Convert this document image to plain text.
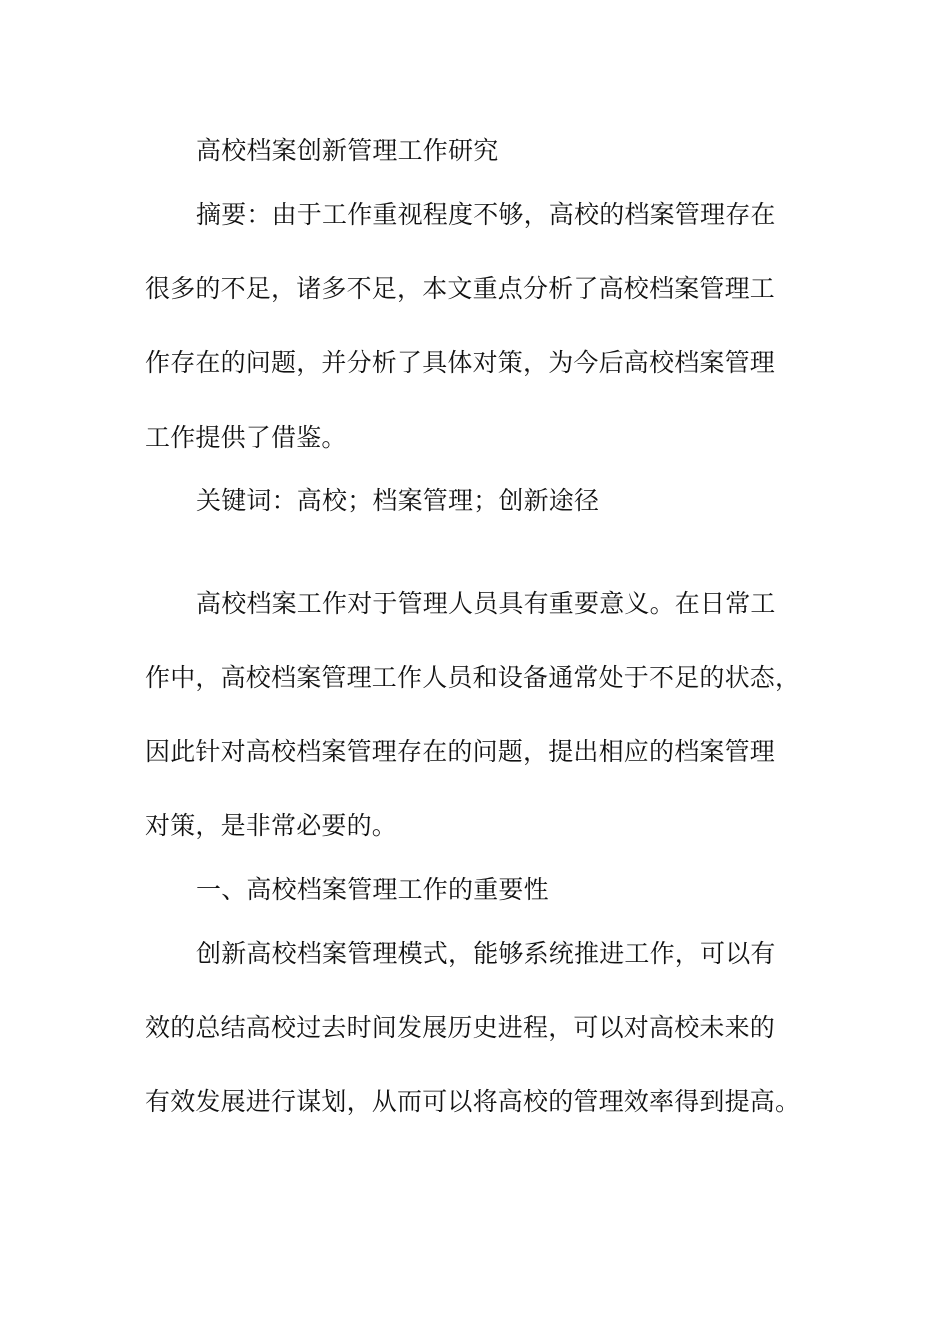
高校档案创新管理工作研究
摘要：由于工作重视程度不够，高校的档案管理存在
很多的不足，诸多不足，本文重点分析了高校档案管理工
作存在的问题，并分析了具体对策，为今后高校档案管理
工作提供了借鉴。
关键词：高校；档案管理；创新途径
高校档案工作对于管理人员具有重要意义。在日常工
作中，高校档案管理工作人员和设备通常处于不足的状态，
因此针对高校档案管理存在的问题，提出相应的档案管理
对策，是非常必要的。
一、高校档案管理工作的重要性
创新高校档案管理模式，能够系统推进工作，可以有
效的总结高校过去时间发展历史进程，可以对高校未来的
有效发展进行谋划，从而可以将高校的管理效率得到提高。
